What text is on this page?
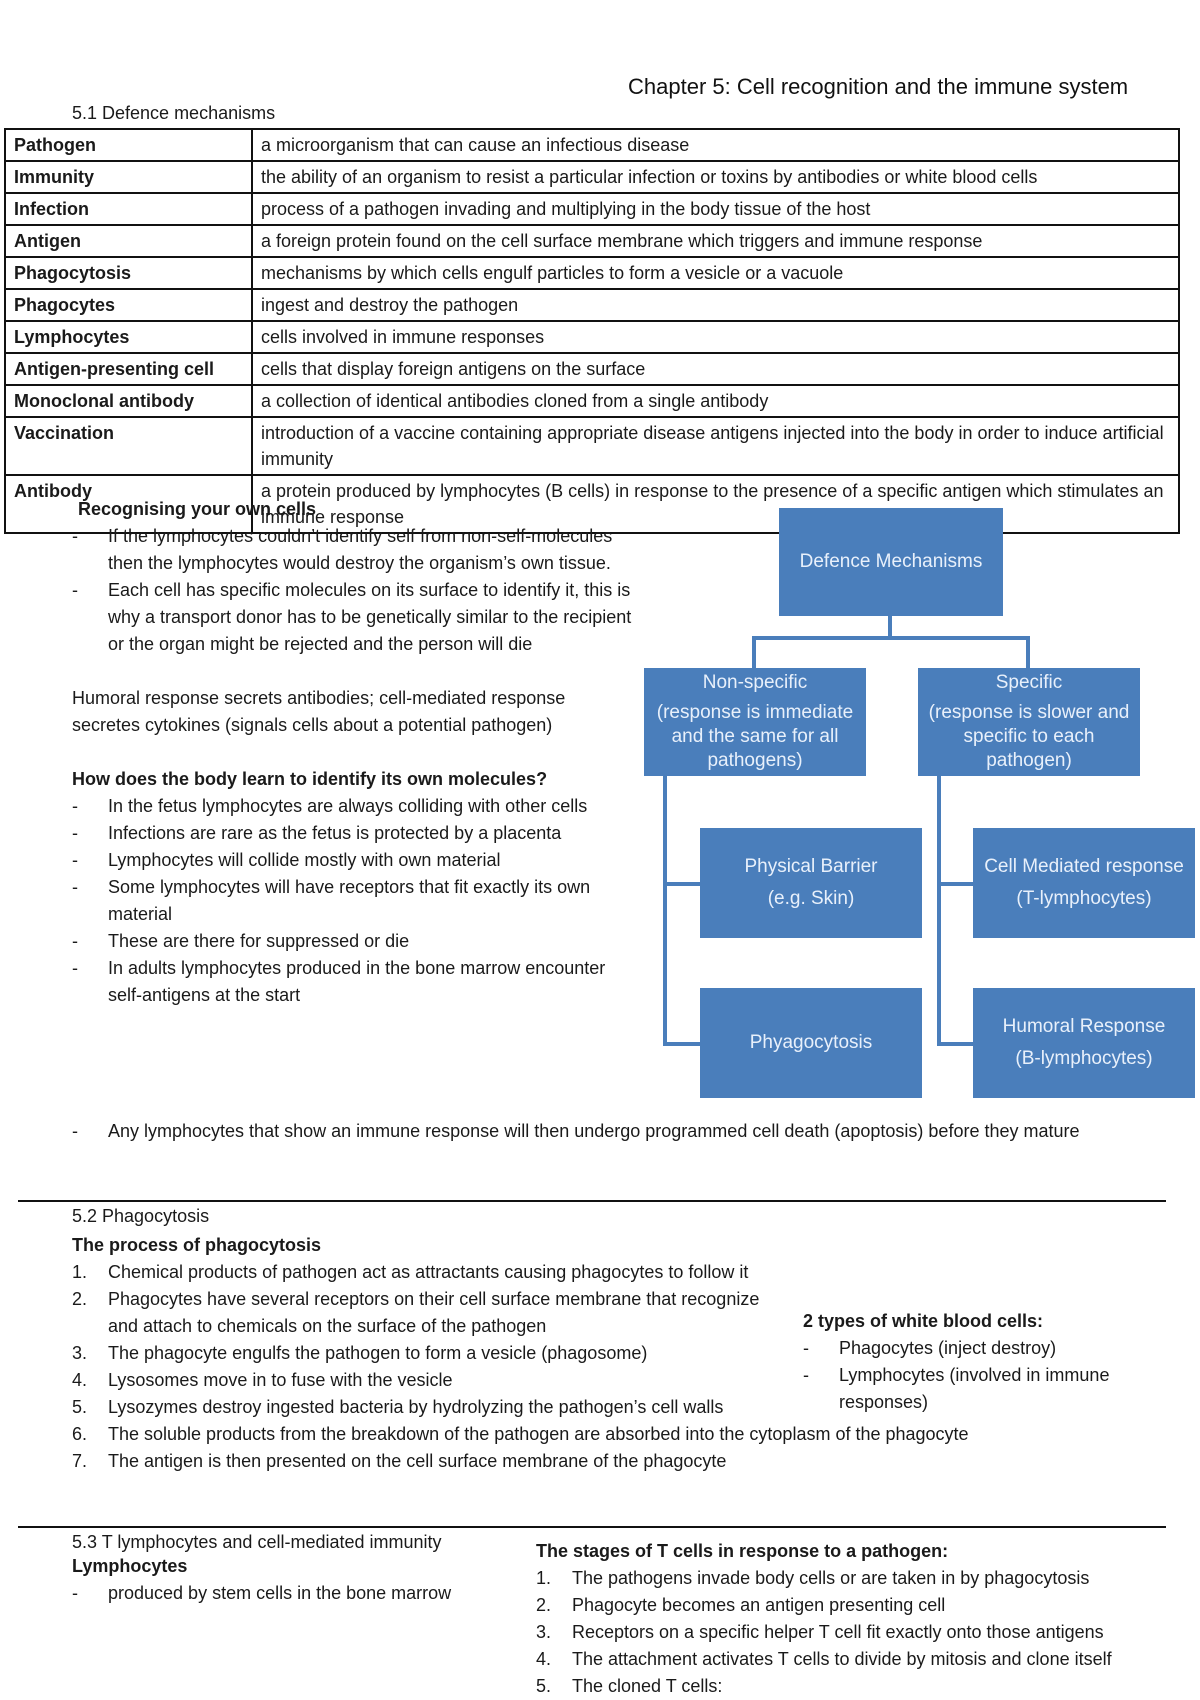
Chapter 5: Cell recognition and the immune system
5.1 Defence mechanisms
Pathogen	a microorganism that can cause an infectious disease
Immunity	the ability of an organism to resist a particular infection or toxins by antibodies or white blood cells
Infection	process of a pathogen invading and multiplying in the body tissue of the host
Antigen	a foreign protein found on the cell surface membrane which triggers and immune response
Phagocytosis	mechanisms by which cells engulf particles to form a vesicle or a vacuole
Phagocytes	ingest and destroy the pathogen
Lymphocytes	cells involved in immune responses
Antigen-presenting cell	cells that display foreign antigens on the surface
Monoclonal antibody	a collection of identical antibodies cloned from a single antibody
Vaccination	introduction of a vaccine containing appropriate disease antigens injected into the body in order to induce artificial immunity
Antibody	a protein produced by lymphocytes (B cells) in response to the presence of a specific antigen which stimulates an immune response
Recognising your own cells
- If the lymphocytes couldn’t identify self from non-self-molecules then the lymphocytes would destroy the organism’s own tissue.
- Each cell has specific molecules on its surface to identify it, this is why a transport donor has to be genetically similar to the recipient or the organ might be rejected and the person will die
Humoral response secrets antibodies; cell-mediated response secretes cytokines (signals cells about a potential pathogen)
How does the body learn to identify its own molecules?
- In the fetus lymphocytes are always colliding with other cells
- Infections are rare as the fetus is protected by a placenta
- Lymphocytes will collide mostly with own material
- Some lymphocytes will have receptors that fit exactly its own material
- These are there for suppressed or die
- In adults lymphocytes produced in the bone marrow encounter self-antigens at the start
- Any lymphocytes that show an immune response will then undergo programmed cell death (apoptosis) before they mature
Defence Mechanisms
Non-specific
(response is immediate and the same for all pathogens)
Specific
(response is slower and specific to each pathogen)
Physical Barrier
(e.g. Skin)
Phyagocytosis
Cell Mediated response
(T-lymphocytes)
Humoral Response
(B-lymphocytes)
5.2 Phagocytosis
The process of phagocytosis
1. Chemical products of pathogen act as attractants causing phagocytes to follow it
2. Phagocytes have several receptors on their cell surface membrane that recognize and attach to chemicals on the surface of the pathogen
3. The phagocyte engulfs the pathogen to form a vesicle (phagosome)
4. Lysosomes move in to fuse with the vesicle
5. Lysozymes destroy ingested bacteria by hydrolyzing the pathogen’s cell walls
6. The soluble products from the breakdown of the pathogen are absorbed into the cytoplasm of the phagocyte
7. The antigen is then presented on the cell surface membrane of the phagocyte
2 types of white blood cells:
- Phagocytes (inject destroy)
- Lymphocytes (involved in immune responses)
5.3 T lymphocytes and cell-mediated immunity
Lymphocytes
- produced by stem cells in the bone marrow
The stages of T cells in response to a pathogen:
1. The pathogens invade body cells or are taken in by phagocytosis
2. Phagocyte becomes an antigen presenting cell
3. Receptors on a specific helper T cell fit exactly onto those antigens
4. The attachment activates T cells to divide by mitosis and clone itself
5. The cloned T cells:
